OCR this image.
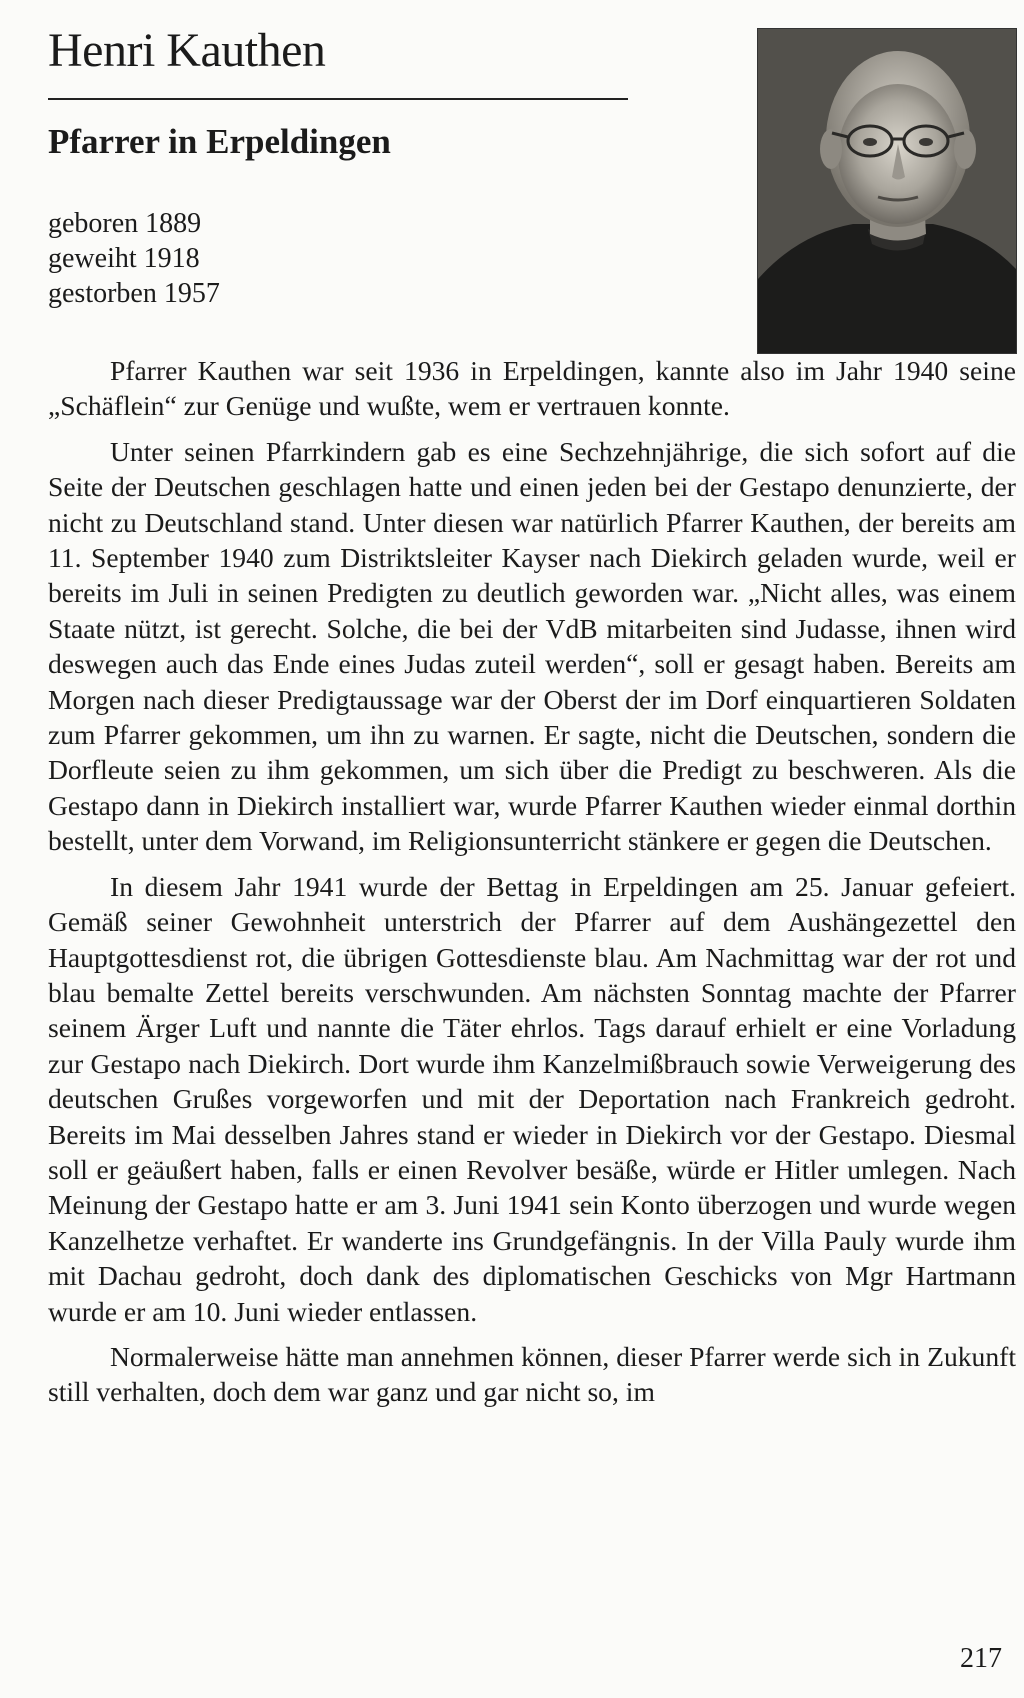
Henri Kauthen
Pfarrer in Erpeldingen
geboren 1889
geweiht 1918
gestorben 1957

Pfarrer Kauthen war seit 1936 in Erpeldingen, kannte also im Jahr 1940 seine „Schäflein“ zur Genüge und wußte, wem er vertrauen konnte.

Unter seinen Pfarrkindern gab es eine Sechzehnjährige, die sich sofort auf die Seite der Deutschen geschlagen hatte und einen jeden bei der Gestapo denunzierte, der nicht zu Deutschland stand. Unter diesen war natürlich Pfarrer Kauthen, der bereits am 11. September 1940 zum Distriktsleiter Kayser nach Diekirch geladen wurde, weil er bereits im Juli in seinen Predigten zu deutlich geworden war. „Nicht alles, was einem Staate nützt, ist gerecht. Solche, die bei der VdB mitarbeiten sind Judasse, ihnen wird deswegen auch das Ende eines Judas zuteil werden“, soll er gesagt haben. Bereits am Morgen nach dieser Predigtaussage war der Oberst der im Dorf einquartieren Soldaten zum Pfarrer gekommen, um ihn zu warnen. Er sagte, nicht die Deutschen, sondern die Dorfleute seien zu ihm gekommen, um sich über die Predigt zu beschweren. Als die Gestapo dann in Diekirch installiert war, wurde Pfarrer Kauthen wieder einmal dorthin bestellt, unter dem Vorwand, im Religionsunterricht stänkere er gegen die Deutschen.

In diesem Jahr 1941 wurde der Bettag in Erpeldingen am 25. Januar gefeiert. Gemäß seiner Gewohnheit unterstrich der Pfarrer auf dem Aushängezettel den Hauptgottesdienst rot, die übrigen Gottesdienste blau. Am Nachmittag war der rot und blau bemalte Zettel bereits verschwunden. Am nächsten Sonntag machte der Pfarrer seinem Ärger Luft und nannte die Täter ehrlos. Tags darauf erhielt er eine Vorladung zur Gestapo nach Diekirch. Dort wurde ihm Kanzelmißbrauch sowie Verweigerung des deutschen Grußes vorgeworfen und mit der Deportation nach Frankreich gedroht. Bereits im Mai desselben Jahres stand er wieder in Diekirch vor der Gestapo. Diesmal soll er geäußert haben, falls er einen Revolver besäße, würde er Hitler umlegen. Nach Meinung der Gestapo hatte er am 3. Juni 1941 sein Konto überzogen und wurde wegen Kanzelhetze verhaftet. Er wanderte ins Grundgefängnis. In der Villa Pauly wurde ihm mit Dachau gedroht, doch dank des diplomatischen Geschicks von Mgr Hartmann wurde er am 10. Juni wieder entlassen.

Normalerweise hätte man annehmen können, dieser Pfarrer werde sich in Zukunft still verhalten, doch dem war ganz und gar nicht so, im

217
